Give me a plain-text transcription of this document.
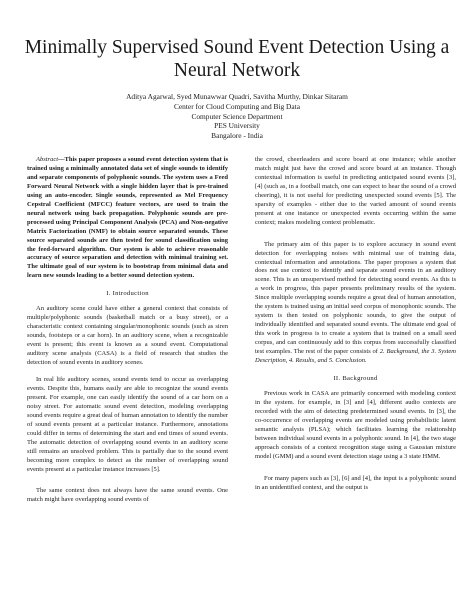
Minimally Supervised Sound Event Detection Using a Neural Network
Aditya Agarwal, Syed Munawwar Quadri, Savitha Murthy, Dinkar Sitaram
Center for Cloud Computing and Big Data
Computer Science Department
PES University
Bangalore - India

Abstract—This paper proposes a sound event detection system that is trained using a minimally annotated data set of single sounds to identify and separate components of polyphonic sounds. The system uses a Feed Forward Neural Network with a single hidden layer that is pre-trained using an auto-encoder. Single sounds, represented as Mel Frequency Cepstral Coefficient (MFCC) feature vectors, are used to train the neural network using back propagation. Polyphonic sounds are pre-processed using Principal Component Analysis (PCA) and Non-negative Matrix Factorization (NMF) to obtain source separated sounds. These source separated sounds are then tested for sound classification using the feed-forward algorithm. Our system is able to achieve reasonable accuracy of source separation and detection with minimal training set. The ultimate goal of our system is to bootstrap from minimal data and learn new sounds leading to a better sound detection system.

I. Introduction

An auditory scene could have either a general context that consists of multiple/polyphonic sounds (basketball match or a busy street), or a characteristic context containing singular/monophonic sounds (such as siren sounds, footsteps or a car horn). In an auditory scene, when a recognizable event is present; this event is known as a sound event. Computational auditory scene analysis (CASA) is a field of research that studies the detection of sound events in auditory scenes.

In real life auditory scenes, sound events tend to occur as overlapping events. Despite this, humans easily are able to recognize the sound events present. For example, one can easily identify the sound of a car horn on a noisy street. For automatic sound event detection, modeling overlapping sound events require a great deal of human annotation to identify the number of sound events present at a particular instance. Furthermore, annotations could differ in terms of determining the start and end times of sound events. The automatic detection of overlapping sound events in an auditory scene still remains an unsolved problem. This is partially due to the sound event becoming more complex to detect as the number of overlapping sound events present at a particular instance increases [5].

The same context does not always have the same sound events. One match might have overlapping sound events of

the crowd, cheerleaders and score board at one instance; while another match might just have the crowd and score board at an instance. Though contextual information is useful in predicting anticipated sound events [3], [4] (such as, in a football match, one can expect to hear the sound of a crowd cheering), it is not useful for predicting unexpected sound events [5]. The sparsity of examples - either due to the varied amount of sound events present at one instance or unexpected events occurring within the same context; makes modeling context problematic.

The primary aim of this paper is to explore accuracy in sound event detection for overlapping noises with minimal use of training data, contextual information and annotations. The paper proposes a system that does not use context to identify and separate sound events in an auditory scene. This is an unsupervised method for detecting sound events. As this is a work in progress, this paper presents preliminary results of the system. Since multiple overlapping sounds require a great deal of human annotation, the system is trained using an initial seed corpus of monophonic sounds. The system is then tested on polyphonic sounds, to give the output of individually identified and separated sound events. The ultimate end goal of this work in progress is to create a system that is trained on a small seed corpus, and can continuously add to this corpus from successfully classified test examples. The rest of the paper consists of 2. Background, the 3. System Description, 4. Results, and 5. Conclusion.

II. Background

Previous work in CASA are primarily concerned with modeling context in the system. for example, in [3] and [4], different audio contexts are recorded with the aim of detecting predetermined sound events. In [3], the co-occurrence of overlapping events are modeled using probabilistic latent semantic analysis (PLSA); which facilitates learning the relationship between individual sound events in a polyphonic sound. In [4], the two stage approach consists of a context recognition stage using a Gaussian mixture model (GMM) and a sound event detection stage using a 3 state HMM.

For many papers such as [3], [6] and [4], the input is a polyphonic sound in an unidentified context, and the output is
